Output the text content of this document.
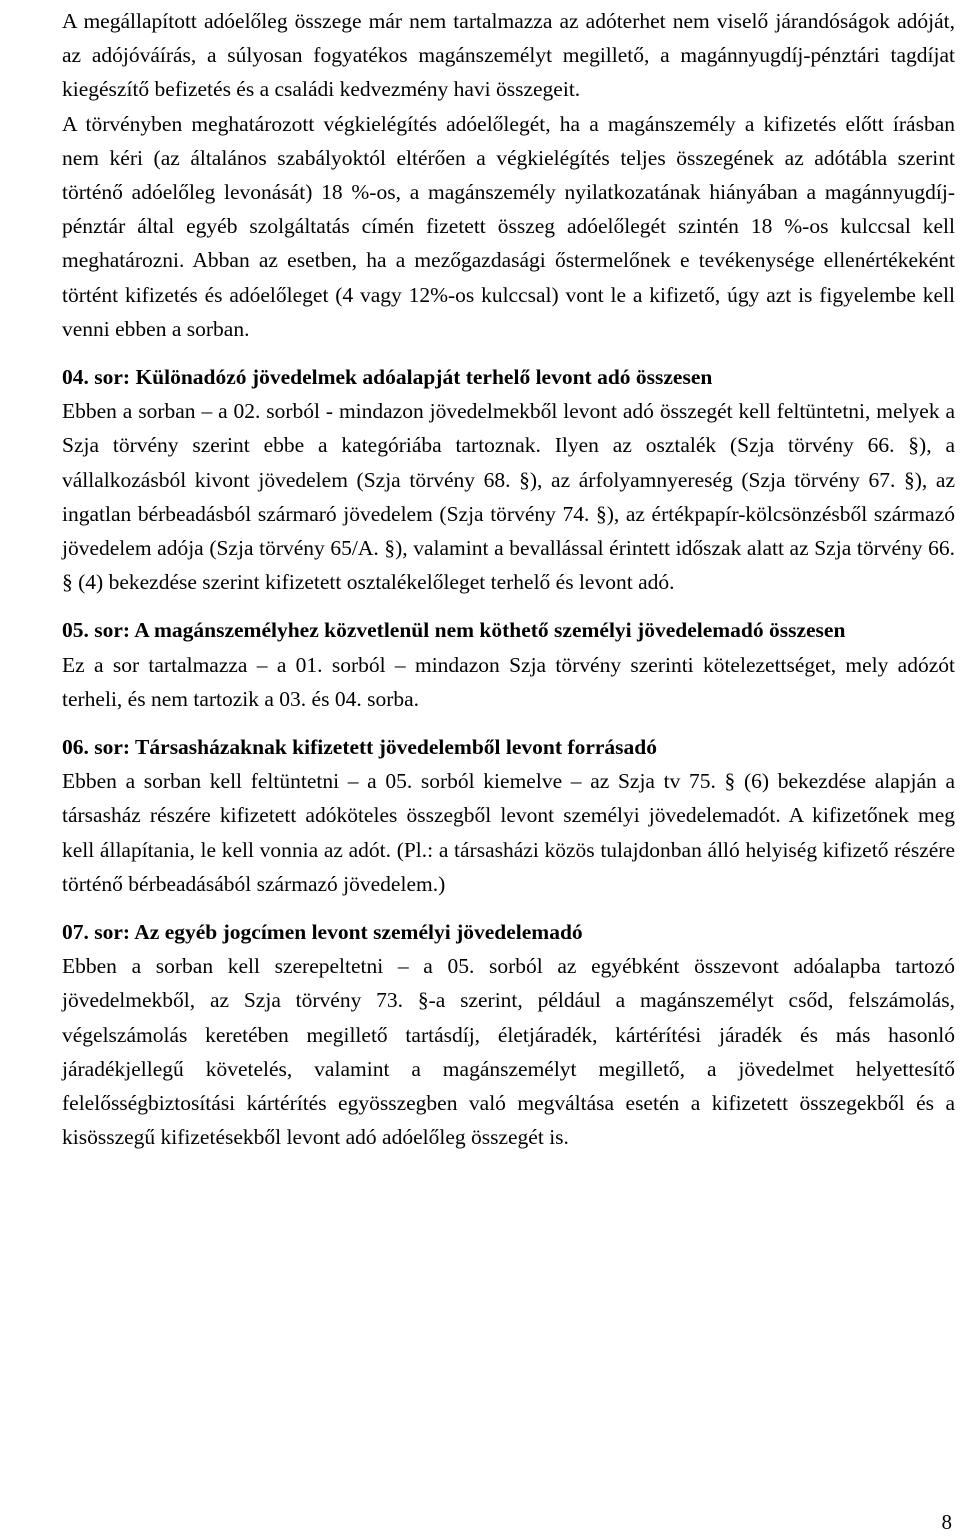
A megállapított adóelőleg összege már nem tartalmazza az adóterhet nem viselő járandóságok adóját, az adójóváírás, a súlyosan fogyatékos magánszemélyt megillető, a magánnyugdíj-pénztári tagdíjat kiegészítő befizetés és a családi kedvezmény havi összegeit.

A törvényben meghatározott végkielégítés adóelőlegét, ha a magánszemély a kifizetés előtt írásban nem kéri (az általános szabályoktól eltérően a végkielégítés teljes összegének az adótábla szerint történő adóelőleg levonását) 18 %-os, a magánszemély nyilatkozatának hiányában a magánnyugdíj-pénztár által egyéb szolgáltatás címén fizetett összeg adóelőlegét szintén 18 %-os kulccsal kell meghatározni. Abban az esetben, ha a mezőgazdasági őstermelőnek e tevékenysége ellenértékeként történt kifizetés és adóelőleget (4 vagy 12%-os kulccsal) vont le a kifizető, úgy azt is figyelembe kell venni ebben a sorban.

04. sor: Különadózó jövedelmek adóalapját terhelő levont adó összesen

Ebben a sorban – a 02. sorból - mindazon jövedelmekből levont adó összegét kell feltüntetni, melyek a Szja törvény szerint ebbe a kategóriába tartoznak. Ilyen az osztalék (Szja törvény 66. §), a vállalkozásból kivont jövedelem (Szja törvény 68. §), az árfolyamnyereség (Szja törvény 67. §), az ingatlan bérbeadásból szármaró jövedelem (Szja törvény 74. §), az értékpapír-kölcsönzésből származó jövedelem adója (Szja törvény 65/A. §), valamint a bevallással érintett időszak alatt az Szja törvény 66. § (4) bekezdése szerint kifizetett osztalékelőleget terhelő és levont adó.

05. sor: A magánszemélyhez közvetlenül nem köthető személyi jövedelemadó összesen

Ez a sor tartalmazza – a 01. sorból – mindazon Szja törvény szerinti kötelezettséget, mely adózót terheli, és nem tartozik a 03. és 04. sorba.

06. sor: Társasházaknak kifizetett jövedelemből levont forrásadó

Ebben a sorban kell feltüntetni – a 05. sorból kiemelve – az Szja tv 75. § (6) bekezdése alapján a társasház részére kifizetett adóköteles összegből levont személyi jövedelemadót. A kifizetőnek meg kell állapítania, le kell vonnia az adót. (Pl.: a társasházi közös tulajdonban álló helyiség kifizető részére történő bérbeadásából származó jövedelem.)

07. sor: Az egyéb jogcímen levont személyi jövedelemadó

Ebben a sorban kell szerepeltetni – a 05. sorból az egyébként összevont adóalapba tartozó jövedelmekből, az Szja törvény 73. §-a szerint, például a magánszemélyt csőd, felszámolás, végelszámolás keretében megillető tartásdíj, életjáradék, kártérítési járadék és más hasonló járadékjellegű követelés, valamint a magánszemélyt megillető, a jövedelmet helyettesítő felelősségbiztosítási kártérítés egyösszegben való megváltása esetén a kifizetett összegekből és a kisösszegű kifizetésekből levont adó adóelőleg összegét is.

8
